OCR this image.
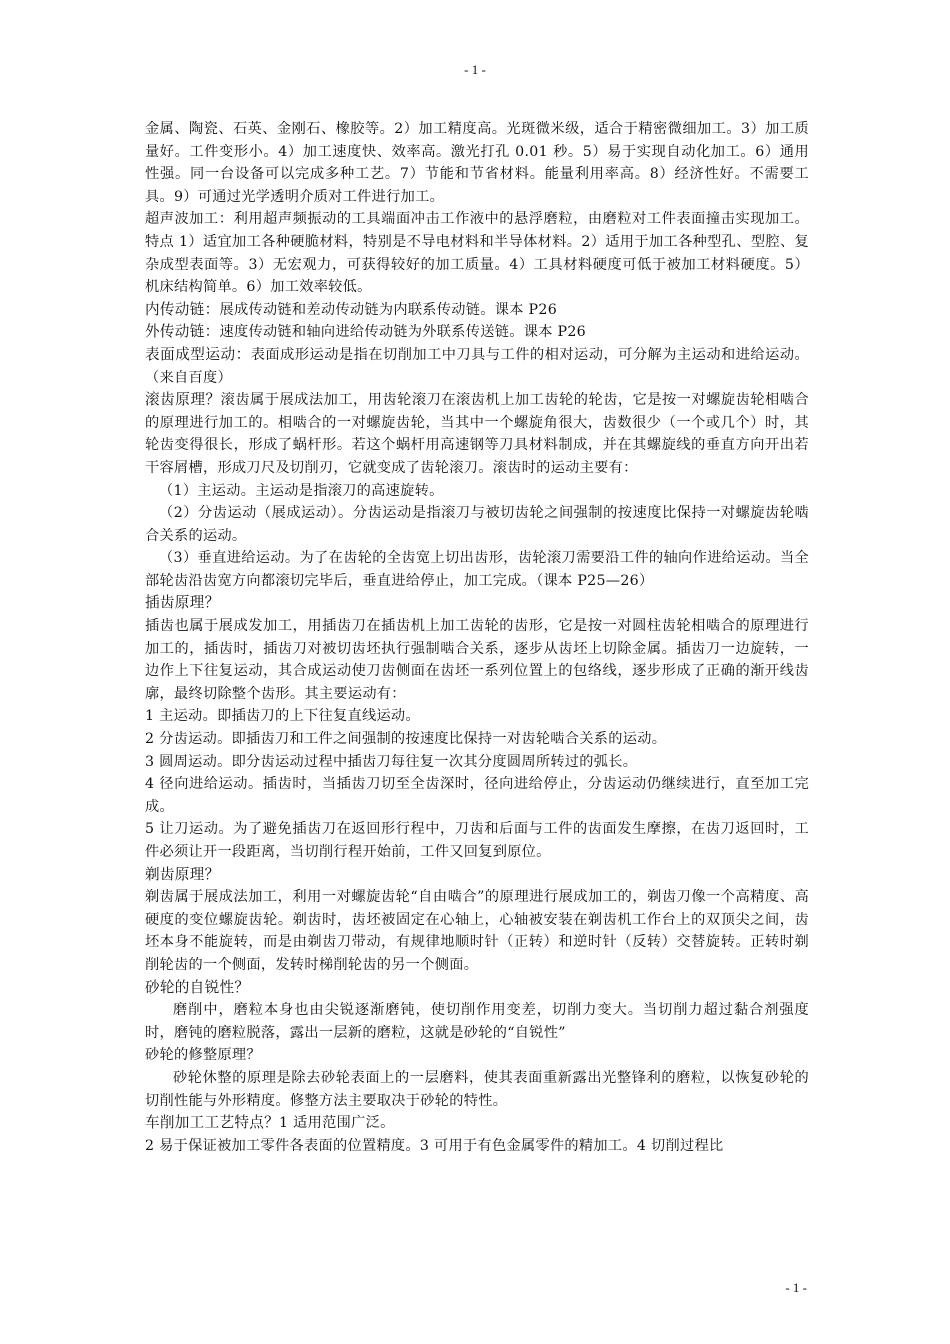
- 1 -

金属、陶瓷、石英、金刚石、橡胶等。2）加工精度高。光斑微米级，适合于精密微细加工。3）加工质量好。工件变形小。4）加工速度快、效率高。激光打孔 0.01 秒。5）易于实现自动化加工。6）通用性强。同一台设备可以完成多种工艺。7）节能和节省材料。能量利用率高。8）经济性好。不需要工具。9）可通过光学透明介质对工件进行加工。

超声波加工：利用超声频振动的工具端面冲击工作液中的悬浮磨粒，由磨粒对工件表面撞击实现加工。特点 1）适宜加工各种硬脆材料，特别是不导电材料和半导体材料。2）适用于加工各种型孔、型腔、复杂成型表面等。3）无宏观力，可获得较好的加工质量。4）工具材料硬度可低于被加工材料硬度。5）机床结构简单。6）加工效率较低。

内传动链：展成传动链和差动传动链为内联系传动链。课本 P26

外传动链：速度传动链和轴向进给传动链为外联系传送链。课本 P26

表面成型运动：表面成形运动是指在切削加工中刀具与工件的相对运动，可分解为主运动和进给运动。（来自百度）

滚齿原理？滚齿属于展成法加工，用齿轮滚刀在滚齿机上加工齿轮的轮齿，它是按一对螺旋齿轮相啮合的原理进行加工的。相啮合的一对螺旋齿轮，当其中一个螺旋角很大，齿数很少（一个或几个）时，其轮齿变得很长，形成了蜗杆形。若这个蜗杆用高速钢等刀具材料制成，并在其螺旋线的垂直方向开出若干容屑槽，形成刀尺及切削刃，它就变成了齿轮滚刀。滚齿时的运动主要有：

（1）主运动。主运动是指滚刀的高速旋转。

（2）分齿运动（展成运动）。分齿运动是指滚刀与被切齿轮之间强制的按速度比保持一对螺旋齿轮啮合关系的运动。

（3）垂直进给运动。为了在齿轮的全齿宽上切出齿形，齿轮滚刀需要沿工件的轴向作进给运动。当全部轮齿沿齿宽方向都滚切完毕后，垂直进给停止，加工完成。（课本 P25—26）

插齿原理？

插齿也属于展成发加工，用插齿刀在插齿机上加工齿轮的齿形，它是按一对圆柱齿轮相啮合的原理进行加工的，插齿时，插齿刀对被切齿坯执行强制啮合关系，逐步从齿坯上切除金属。插齿刀一边旋转，一边作上下往复运动，其合成运动使刀齿侧面在齿坯一系列位置上的包络线，逐步形成了正确的渐开线齿廓，最终切除整个齿形。其主要运动有：

1 主运动。即插齿刀的上下往复直线运动。

2 分齿运动。即插齿刀和工件之间强制的按速度比保持一对齿轮啮合关系的运动。

3 圆周运动。即分齿运动过程中插齿刀每往复一次其分度圆周所转过的弧长。

4 径向进给运动。插齿时，当插齿刀切至全齿深时，径向进给停止，分齿运动仍继续进行，直至加工完成。

5 让刀运动。为了避免插齿刀在返回形行程中，刀齿和后面与工件的齿面发生摩擦，在齿刀返回时，工件必须让开一段距离，当切削行程开始前，工件又回复到原位。

剃齿原理？

剃齿属于展成法加工，利用一对螺旋齿轮“自由啮合”的原理进行展成加工的，剃齿刀像一个高精度、高硬度的变位螺旋齿轮。剃齿时，齿坯被固定在心轴上，心轴被安装在剃齿机工作台上的双顶尖之间，齿坯本身不能旋转，而是由剃齿刀带动，有规律地顺时针（正转）和逆时针（反转）交替旋转。正转时剃削轮齿的一个侧面，发转时梯削轮齿的另一个侧面。

砂轮的自锐性？

磨削中，磨粒本身也由尖锐逐渐磨钝，使切削作用变差，切削力变大。当切削力超过黏合剂强度时，磨钝的磨粒脱落，露出一层新的磨粒，这就是砂轮的“自锐性”

砂轮的修整原理？

砂轮休整的原理是除去砂轮表面上的一层磨料，使其表面重新露出光整锋利的磨粒，以恢复砂轮的切削性能与外形精度。修整方法主要取决于砂轮的特性。

车削加工工艺特点？1 适用范围广泛。

2 易于保证被加工零件各表面的位置精度。3 可用于有色金属零件的精加工。4 切削过程比

- 1 -
